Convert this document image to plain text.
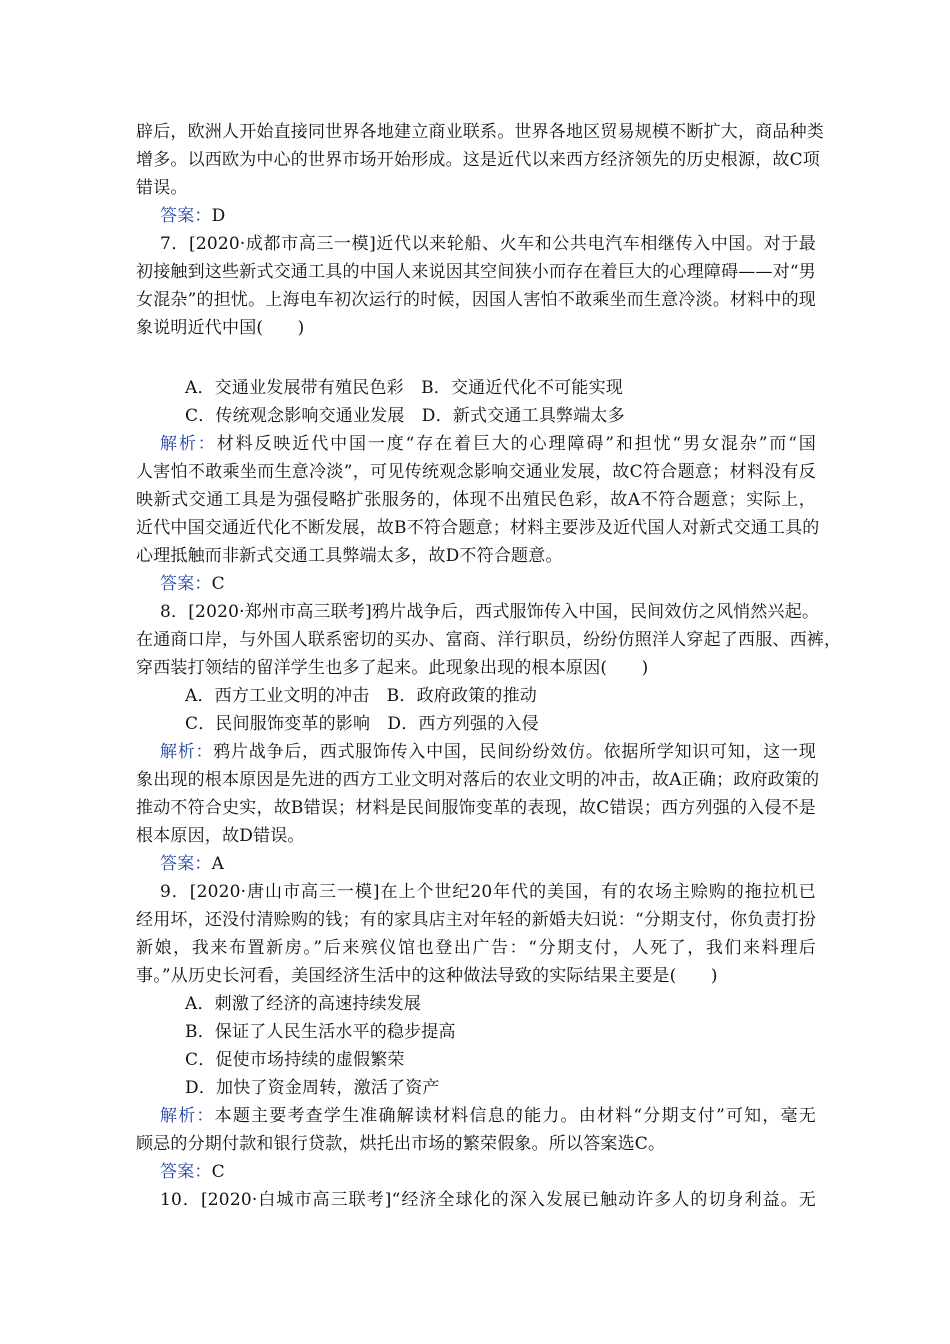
辟后，欧洲人开始直接同世界各地建立商业联系。世界各地区贸易规模不断扩大，商品种类
增多。以西欧为中心的世界市场开始形成。这是近代以来西方经济领先的历史根源，故C项
错误。
答案：D
7．[2020·成都市高三一模]近代以来轮船、火车和公共电汽车相继传入中国。对于最
初接触到这些新式交通工具的中国人来说因其空间狭小而存在着巨大的心理障碍——对“男
女混杂”的担忧。上海电车初次运行的时候，因国人害怕不敢乘坐而生意冷淡。材料中的现
象说明近代中国(　　)
A．交通业发展带有殖民色彩　B．交通近代化不可能实现
C．传统观念影响交通业发展　D．新式交通工具弊端太多
解析：材料反映近代中国一度“存在着巨大的心理障碍”和担忧“男女混杂”而“国
人害怕不敢乘坐而生意冷淡”，可见传统观念影响交通业发展，故C符合题意；材料没有反
映新式交通工具是为强侵略扩张服务的，体现不出殖民色彩，故A不符合题意；实际上，
近代中国交通近代化不断发展，故B不符合题意；材料主要涉及近代国人对新式交通工具的
心理抵触而非新式交通工具弊端太多，故D不符合题意。
答案：C
8．[2020·郑州市高三联考]鸦片战争后，西式服饰传入中国，民间效仿之风悄然兴起。
在通商口岸，与外国人联系密切的买办、富商、洋行职员，纷纷仿照洋人穿起了西服、西裤，
穿西装打领结的留洋学生也多了起来。此现象出现的根本原因(　　)
A．西方工业文明的冲击　B．政府政策的推动
C．民间服饰变革的影响　D．西方列强的入侵
解析：鸦片战争后，西式服饰传入中国，民间纷纷效仿。依据所学知识可知，这一现
象出现的根本原因是先进的西方工业文明对落后的农业文明的冲击，故A正确；政府政策的
推动不符合史实，故B错误；材料是民间服饰变革的表现，故C错误；西方列强的入侵不是
根本原因，故D错误。
答案：A
9．[2020·唐山市高三一模]在上个世纪20年代的美国，有的农场主赊购的拖拉机已
经用坏，还没付清赊购的钱；有的家具店主对年轻的新婚夫妇说：“分期支付，你负责打扮
新娘，我来布置新房。”后来殡仪馆也登出广告：“分期支付，人死了，我们来料理后
事。”从历史长河看，美国经济生活中的这种做法导致的实际结果主要是(　　)
A．刺激了经济的高速持续发展
B．保证了人民生活水平的稳步提高
C．促使市场持续的虚假繁荣
D．加快了资金周转，激活了资产
解析：本题主要考查学生准确解读材料信息的能力。由材料“分期支付”可知，毫无
顾忌的分期付款和银行贷款，烘托出市场的繁荣假象。所以答案选C。
答案：C
10．[2020·白城市高三联考]“经济全球化的深入发展已触动许多人的切身利益。无
